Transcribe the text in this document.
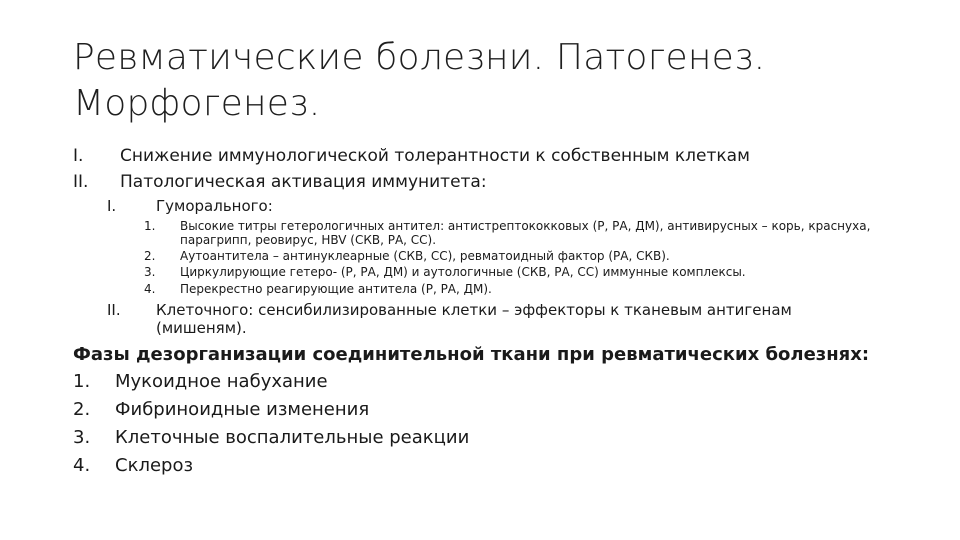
Ревматические болезни. Патогенез. Морфогенез.
I.	Снижение иммунологической толерантности к собственным клеткам
II.	Патологическая активация иммунитета:
I.	Гуморального:
1.	Высокие титры гетерологичных антител: антистрептококковых (Р, РА, ДМ), антивирусных – корь, краснуха, парагрипп, реовирус, HBV (СКВ, РА, СС).
2.	Аутоантитела – антинуклеарные (СКВ, СС), ревматоидный фактор (РА, СКВ).
3.	Циркулирующие гетеро- (Р, РА, ДМ) и аутологичные (СКВ, РА, СС) иммунные комплексы.
4.	Перекрестно реагирующие антитела (Р, РА, ДМ).
II.	Клеточного: сенсибилизированные клетки – эффекторы к тканевым антигенам (мишеням).
Фазы дезорганизации соединительной ткани при ревматических болезнях:
1. Мукоидное набухание
2. Фибриноидные изменения
3. Клеточные воспалительные реакции
4. Склероз
